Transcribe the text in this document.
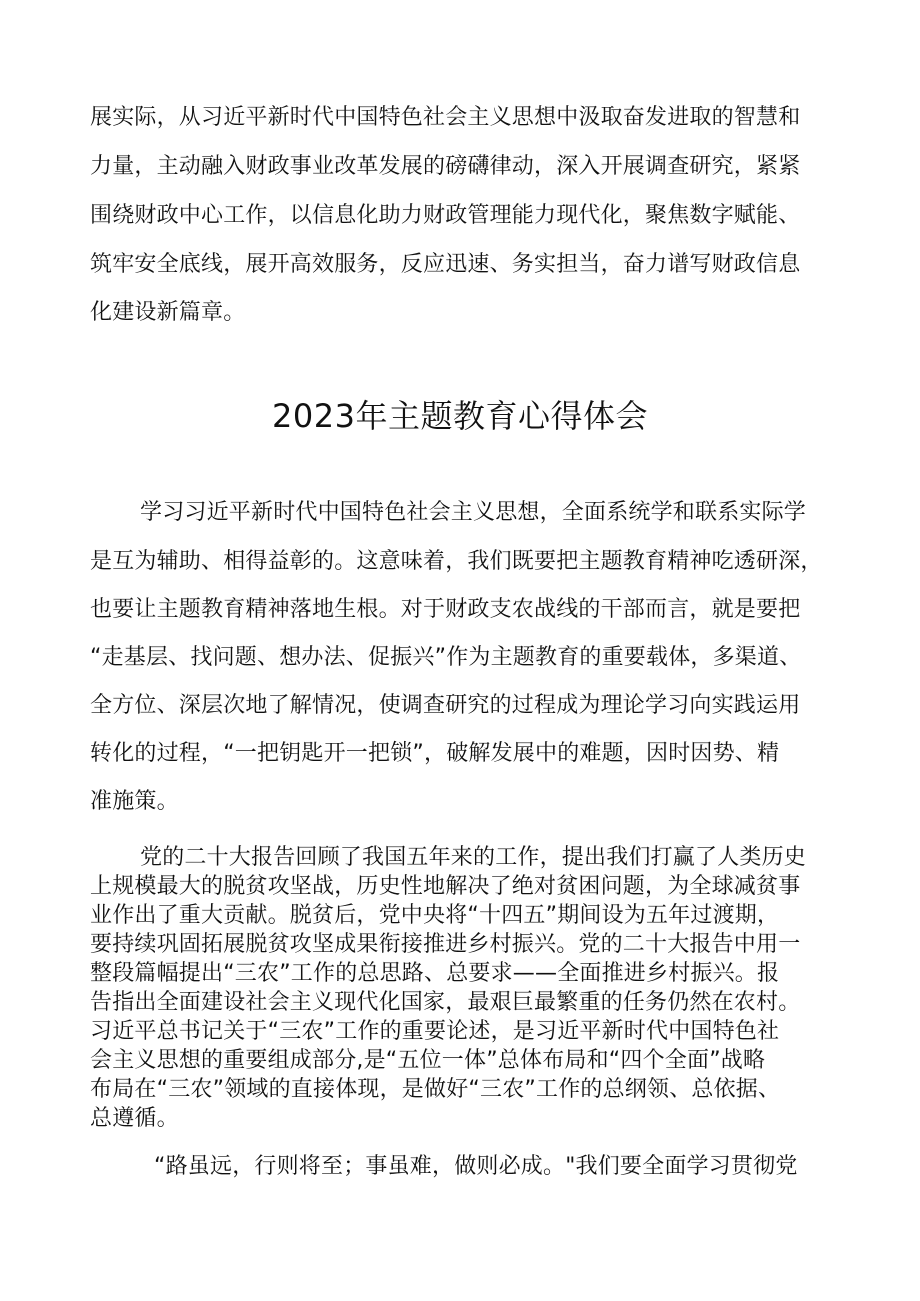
展实际，从习近平新时代中国特色社会主义思想中汲取奋发进取的智慧和
力量，主动融入财政事业改革发展的磅礴律动，深入开展调查研究，紧紧
围绕财政中心工作，以信息化助力财政管理能力现代化，聚焦数字赋能、
筑牢安全底线，展开高效服务，反应迅速、务实担当，奋力谱写财政信息
化建设新篇章。
2023年主题教育心得体会
学习习近平新时代中国特色社会主义思想，全面系统学和联系实际学
是互为辅助、相得益彰的。这意味着，我们既要把主题教育精神吃透研深，
也要让主题教育精神落地生根。对于财政支农战线的干部而言，就是要把
“走基层、找问题、想办法、促振兴”作为主题教育的重要载体，多渠道、
全方位、深层次地了解情况，使调查研究的过程成为理论学习向实践运用
转化的过程，“一把钥匙开一把锁”，破解发展中的难题，因时因势、精
准施策。
党的二十大报告回顾了我国五年来的工作，提出我们打赢了人类历史
上规模最大的脱贫攻坚战，历史性地解决了绝对贫困问题，为全球减贫事
业作出了重大贡献。脱贫后，党中央将“十四五”期间设为五年过渡期，
要持续巩固拓展脱贫攻坚成果衔接推进乡村振兴。党的二十大报告中用一
整段篇幅提出“三农”工作的总思路、总要求——全面推进乡村振兴。报
告指出全面建设社会主义现代化国家，最艰巨最繁重的任务仍然在农村。
习近平总书记关于“三农”工作的重要论述，是习近平新时代中国特色社
会主义思想的重要组成部分,是“五位一体”总体布局和“四个全面”战略
布局在“三农”领域的直接体现，是做好“三农”工作的总纲领、总依据、
总遵循。
“路虽远，行则将至；事虽难，做则必成。"我们要全面学习贯彻党
